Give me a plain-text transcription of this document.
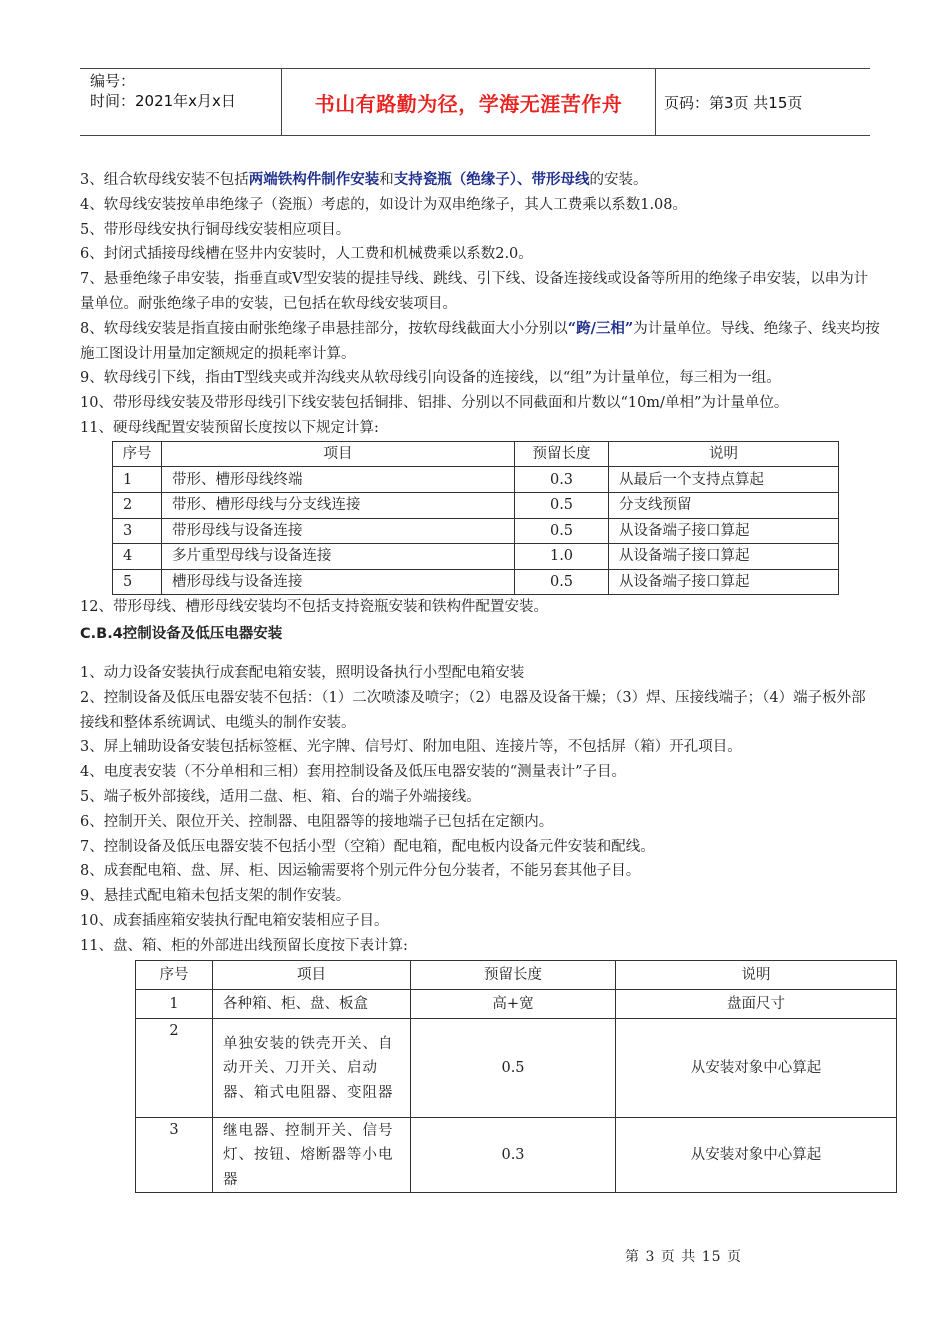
编号：
时间：2021年x月x日	书山有路勤为径，学海无涯苦作舟	页码：第3页 共15页

3、组合软母线安装不包括两端铁构件制作安装和支持瓷瓶（绝缘子）、带形母线的安装。

4、软母线安装按单串绝缘子（瓷瓶）考虑的，如设计为双串绝缘子，其人工费乘以系数1.08。

5、带形母线安执行铜母线安装相应项目。

6、封闭式插接母线槽在竖井内安装时，人工费和机械费乘以系数2.0。

7、悬垂绝缘子串安装，指垂直或V型安装的提挂导线、跳线、引下线、设备连接线或设备等所用的绝缘子串安装，以串为计量单位。耐张绝缘子串的安装，已包括在软母线安装项目。

8、软母线安装是指直接由耐张绝缘子串悬挂部分，按软母线截面大小分别以“跨/三相”为计量单位。导线、绝缘子、线夹均按施工图设计用量加定额规定的损耗率计算。

9、软母线引下线，指由T型线夹或并沟线夹从软母线引向设备的连接线，以“组”为计量单位，每三相为一组。

10、带形母线安装及带形母线引下线安装包括铜排、铝排、分别以不同截面和片数以“10m/单相”为计量单位。

11、硬母线配置安装预留长度按以下规定计算:

序号	项目	预留长度	说明
1	带形、槽形母线终端	0.3	从最后一个支持点算起
2	带形、槽形母线与分支线连接	0.5	分支线预留
3	带形母线与设备连接	0.5	从设备端子接口算起
4	多片重型母线与设备连接	1.0	从设备端子接口算起
5	槽形母线与设备连接	0.5	从设备端子接口算起

12、带形母线、槽形母线安装均不包括支持瓷瓶安装和铁构件配置安装。

C.B.4控制设备及低压电器安装

1、动力设备安装执行成套配电箱安装，照明设备执行小型配电箱安装

2、控制设备及低压电器安装不包括：（1）二次喷漆及喷字；（2）电器及设备干燥；（3）焊、压接线端子；（4）端子板外部接线和整体系统调试、电缆头的制作安装。

3、屏上辅助设备安装包括标签框、光字牌、信号灯、附加电阻、连接片等，不包括屏（箱）开孔项目。

4、电度表安装（不分单相和三相）套用控制设备及低压电器安装的“测量表计”子目。

5、端子板外部接线，适用二盘、柜、箱、台的端子外端接线。

6、控制开关、限位开关、控制器、电阻器等的接地端子已包括在定额内。

7、控制设备及低压电器安装不包括小型（空箱）配电箱，配电板内设备元件安装和配线。

8、成套配电箱、盘、屏、柜、因运输需要将个别元件分包分装者，不能另套其他子目。

9、悬挂式配电箱未包括支架的制作安装。

10、成套插座箱安装执行配电箱安装相应子目。

11、盘、箱、柜的外部进出线预留长度按下表计算:

序号	项目	预留长度	说明
1	各种箱、柜、盘、板盒	高+宽	盘面尺寸
2	单独安装的铁壳开关、自动开关、刀开关、启动器、箱式电阻器、变阻器	0.5	从安装对象中心算起
3	继电器、控制开关、信号灯、按钮、熔断器等小电器	0.3	从安装对象中心算起
第 3 页 共 15 页
